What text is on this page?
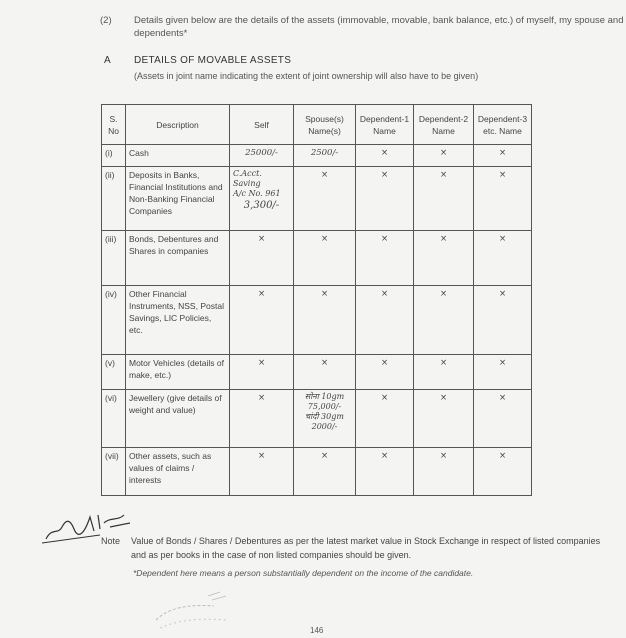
(2) Details given below are the details of the assets (immovable, movable, bank balance, etc.) of myself, my spouse and dependents*
A DETAILS OF MOVABLE ASSETS
(Assets in joint name indicating the extent of joint ownership will also have to be given)
S. No	Description	Self	Spouse(s) Name(s)	Dependent-1 Name	Dependent-2 Name	Dependent-3 etc. Name
(i)	Cash	25000/-	2500/-	×	×	×
(ii)	Deposits in Banks, Financial Institutions and Non-Banking Financial Companies	C.Acct. Saving
A/c No. 961
3,300/-	×	×	×	×
(iii)	Bonds, Debentures and Shares in companies	×	×	×	×	×
(iv)	Other Financial Instruments, NSS, Postal Savings, LIC Policies, etc.	×	×	×	×	×
(v)	Motor Vehicles (details of make, etc.)	×	×	×	×	×
(vi)	Jewellery (give details of weight and value)	×	सोना 10gm
75,000/-
चांदी 30gm
2000/-	×	×	×
(vii)	Other assets, such as values of claims / interests	×	×	×	×	×
Note Value of Bonds / Shares / Debentures as per the latest market value in Stock Exchange in respect of listed companies and as per books in the case of non listed companies should be given.
*Dependent here means a person substantially dependent on the income of the candidate.
146
